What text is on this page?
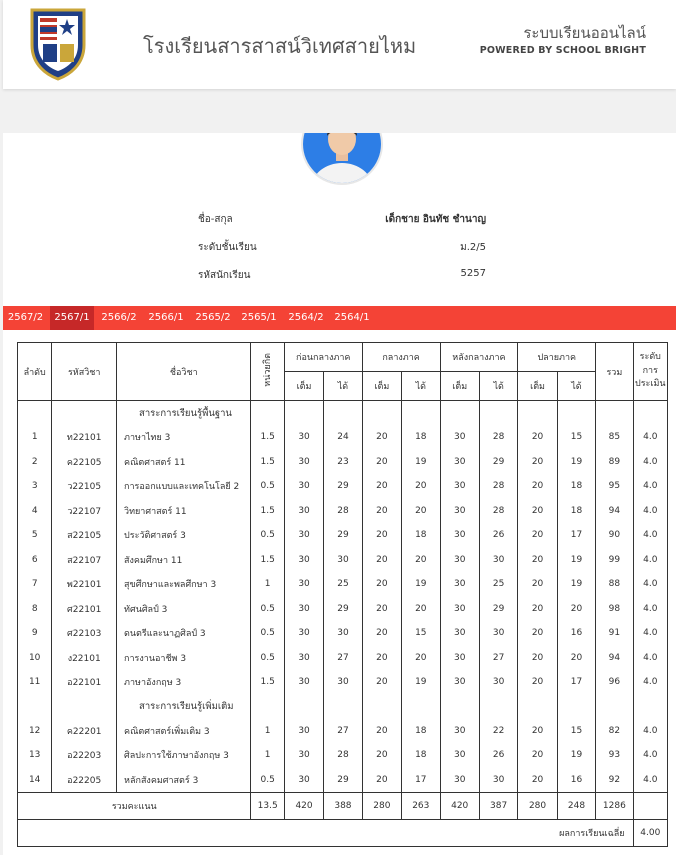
โรงเรียนสารสาสน์วิเทศสายไหม
ระบบเรียนออนไลน์
POWERED BY SCHOOL BRIGHT
ชื่อ-สกุล	เด็กชาย อินทัช ชำนาญ
ระดับชั้นเรียน	ม.2/5
รหัสนักเรียน	5257
2567/2	2567/1	2566/2	2566/1	2565/2	2565/1	2564/2	2564/1
ลำดับ	รหัสวิชา	ชื่อวิชา	หน่วยกิต	ก่อนกลางภาค		กลางภาค		หลังกลางภาค		ปลายภาค		รวม	ระดับ การ ประเมิน
				เต็ม	ได้	เต็ม	ได้	เต็ม	ได้	เต็ม	ได้		
		สาระการเรียนรู้พื้นฐาน											
1	ท22101	ภาษาไทย 3	1.5	30	24	20	18	30	28	20	15	85	4.0
2	ค22105	คณิตศาสตร์ 11	1.5	30	23	20	19	30	29	20	19	89	4.0
3	ว22105	การออกแบบและเทคโนโลยี 2	0.5	30	29	20	20	30	28	20	18	95	4.0
4	ว22107	วิทยาศาสตร์ 11	1.5	30	28	20	20	30	28	20	18	94	4.0
5	ส22105	ประวัติศาสตร์ 3	0.5	30	29	20	18	30	26	20	17	90	4.0
6	ส22107	สังคมศึกษา 11	1.5	30	30	20	20	30	30	20	19	99	4.0
7	พ22101	สุขศึกษาและพลศึกษา 3	1	30	25	20	19	30	25	20	19	88	4.0
8	ศ22101	ทัศนศิลป์ 3	0.5	30	29	20	20	30	29	20	20	98	4.0
9	ศ22103	ดนตรีและนาฏศิลป์ 3	0.5	30	30	20	15	30	30	20	16	91	4.0
10	ง22101	การงานอาชีพ 3	0.5	30	27	20	20	30	27	20	20	94	4.0
11	อ22101	ภาษาอังกฤษ 3	1.5	30	30	20	19	30	30	20	17	96	4.0
		สาระการเรียนรู้เพิ่มเติม											
12	ค22201	คณิตศาสตร์เพิ่มเติม 3	1	30	27	20	18	30	22	20	15	82	4.0
13	อ22203	ศิลปะการใช้ภาษาอังกฤษ 3	1	30	28	20	18	30	26	20	19	93	4.0
14	อ22205	หลักสังคมศาสตร์ 3	0.5	30	29	20	17	30	30	20	16	92	4.0
รวมคะแนน			13.5	420	388	280	263	420	387	280	248	1286	
ผลการเรียนเฉลี่ย													4.00
